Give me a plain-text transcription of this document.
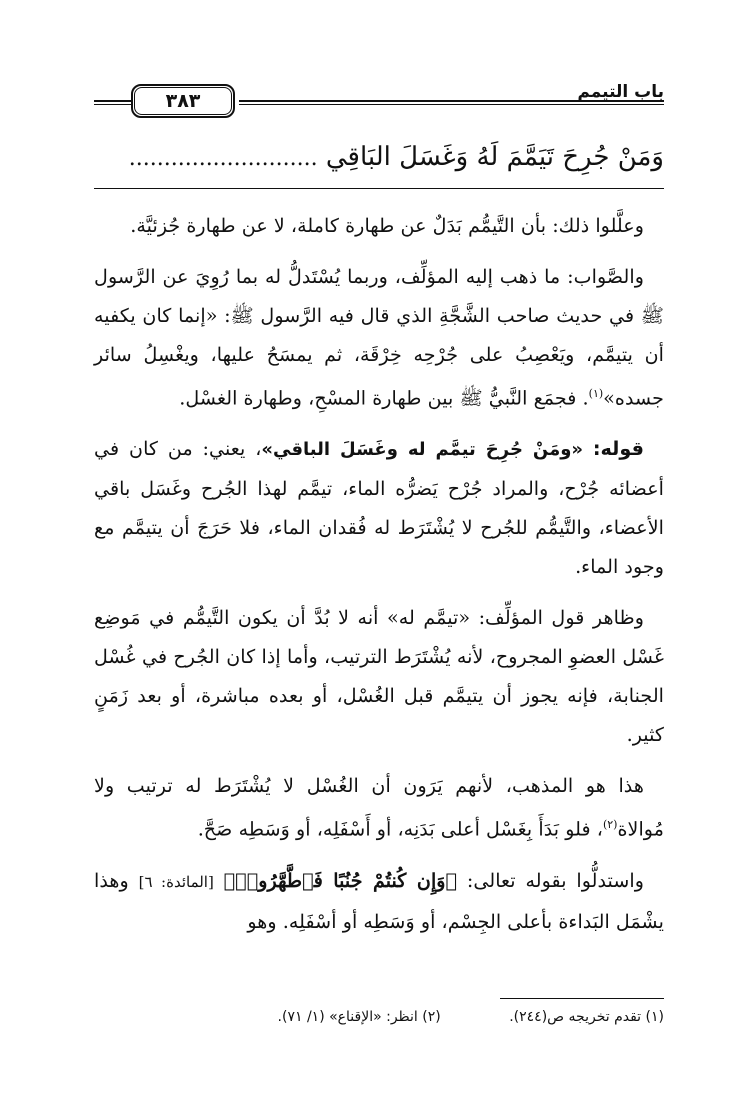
باب التيمم
٣٨٣
وَمَنْ جُرِحَ تَيَمَّمَ لَهُ وَغَسَلَ البَاقِي ...........................

وعلَّلوا ذلك: بأن التَّيمُّم بَدَلٌ عن طهارة كاملة، لا عن طهارة جُزئيَّة.

والصَّواب: ما ذهب إليه المؤلِّف، وربما يُسْتَدلُّ له بما رُوِيَ عن الرَّسول ﷺ في حديث صاحب الشَّجَّةِ الذي قال فيه الرَّسول ﷺ: «إنما كان يكفيه أن يتيمَّم، ويَعْصِبُ على جُرْحِه خِرْقَة، ثم يمسَحُ عليها، ويغْسِلُ سائر جسده»$^{(١)}$. فجمَع النَّبيُّ ﷺ بين طهارة المسْحِ، وطهارة الغسْل.

قوله: «ومَنْ جُرِحَ تيمَّم له وغَسَلَ الباقي»، يعني: من كان في أعضائه جُرْح، والمراد جُرْح يَضرُّه الماء، تيمَّم لهذا الجُرح وغَسَل باقي الأعضاء، والتَّيمُّم للجُرح لا يُشْتَرَط له فُقدان الماء، فلا حَرَجَ أن يتيمَّم مع وجود الماء.

وظاهر قول المؤلِّف: «تيمَّم له» أنه لا بُدَّ أن يكون التَّيمُّم في مَوضِع غَسْل العضوِ المجروح، لأنه يُشْتَرَط الترتيب، وأما إذا كان الجُرح في غُسْل الجنابة، فإنه يجوز أن يتيمَّم قبل الغُسْل، أو بعده مباشرة، أو بعد زَمَنٍ كثير.

هذا هو المذهب، لأنهم يَرَون أن الغُسْل لا يُشْتَرَط له ترتيب ولا مُوالاة$^{(٢)}$، فلو بَدَأَ بِغَسْل أعلى بَدَنِه، أو أَسْفَلِه، أو وَسَطِه صَحَّ.

واستدلُّوا بقوله تعالى: ﴿وَإِن كُنتُمْ جُنُبًا فَٱطَّهَّرُوا۟﴾ [المائدة: ٦] وهذا يشْمَل البَداءة بأعلى الجِسْم، أو وَسَطِه أو أسْفَلِه. وهو

(١) تقدم تخريجه ص(٢٤٤). (٢) انظر: «الإقناع» (١/ ٧١).
